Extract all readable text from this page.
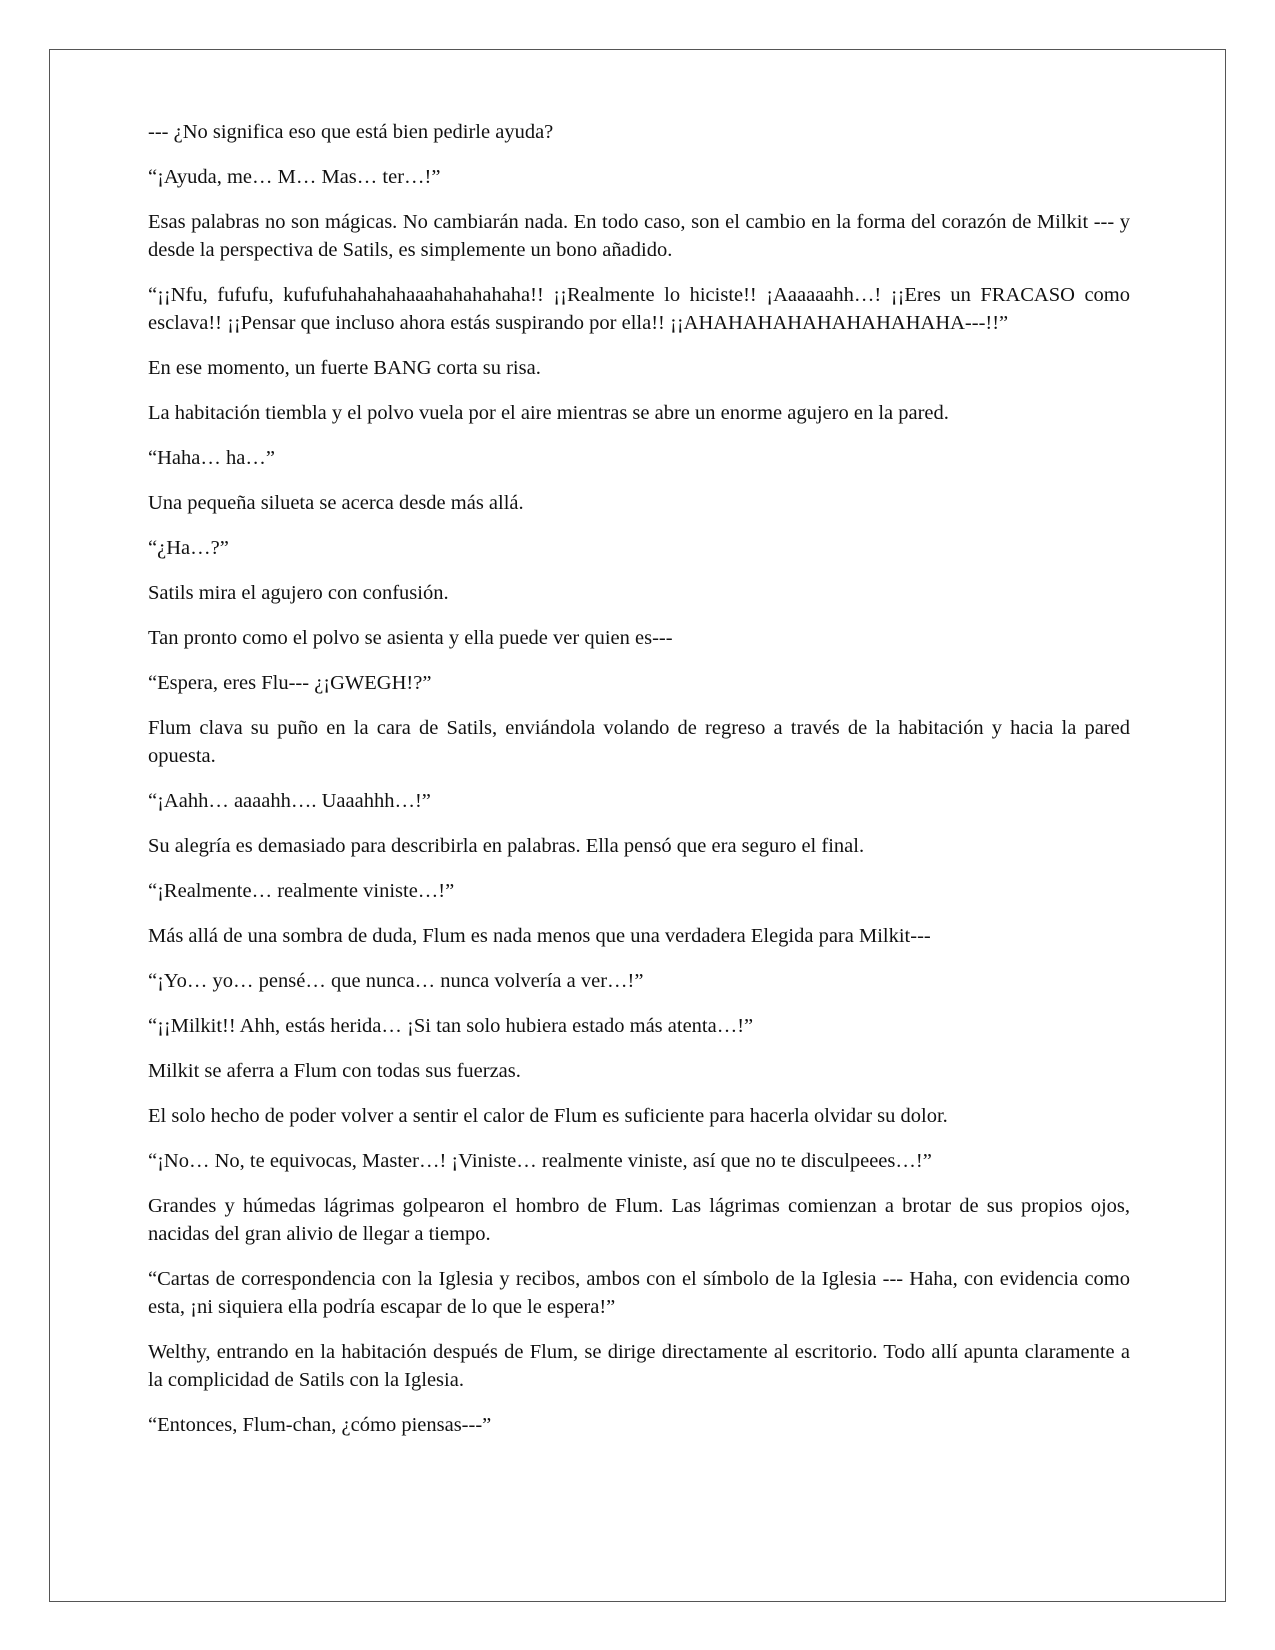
--- ¿No significa eso que está bien pedirle ayuda?

“¡Ayuda, me… M… Mas… ter…!”

Esas palabras no son mágicas. No cambiarán nada. En todo caso, son el cambio en la forma del corazón de Milkit --- y desde la perspectiva de Satils, es simplemente un bono añadido.

“¡¡Nfu, fufufu, kufufuhahahahaaahahahahaha!! ¡¡Realmente lo hiciste!! ¡Aaaaaahh…! ¡¡Eres un FRACASO como esclava!! ¡¡Pensar que incluso ahora estás suspirando por ella!! ¡¡AHAHAHAHAHAHAHAHAHA---!!”

En ese momento, un fuerte BANG corta su risa.

La habitación tiembla y el polvo vuela por el aire mientras se abre un enorme agujero en la pared.

“Haha… ha…”

Una pequeña silueta se acerca desde más allá.

“¿Ha…?”

Satils mira el agujero con confusión.

Tan pronto como el polvo se asienta y ella puede ver quien es---

“Espera, eres Flu--- ¿¡GWEGH!?”

Flum clava su puño en la cara de Satils, enviándola volando de regreso a través de la habitación y hacia la pared opuesta.

“¡Aahh… aaaahh…. Uaaahhh…!”

Su alegría es demasiado para describirla en palabras. Ella pensó que era seguro el final.

“¡Realmente… realmente viniste…!”

Más allá de una sombra de duda, Flum es nada menos que una verdadera Elegida para Milkit---

“¡Yo… yo… pensé… que nunca… nunca volvería a ver…!”

“¡¡Milkit!! Ahh, estás herida… ¡Si tan solo hubiera estado más atenta…!”

Milkit se aferra a Flum con todas sus fuerzas.

El solo hecho de poder volver a sentir el calor de Flum es suficiente para hacerla olvidar su dolor.

“¡No… No, te equivocas, Master…! ¡Viniste… realmente viniste, así que no te disculpeees…!”

Grandes y húmedas lágrimas golpearon el hombro de Flum. Las lágrimas comienzan a brotar de sus propios ojos, nacidas del gran alivio de llegar a tiempo.

“Cartas de correspondencia con la Iglesia y recibos, ambos con el símbolo de la Iglesia --- Haha, con evidencia como esta, ¡ni siquiera ella podría escapar de lo que le espera!”

Welthy, entrando en la habitación después de Flum, se dirige directamente al escritorio. Todo allí apunta claramente a la complicidad de Satils con la Iglesia.

“Entonces, Flum-chan, ¿cómo piensas---”
